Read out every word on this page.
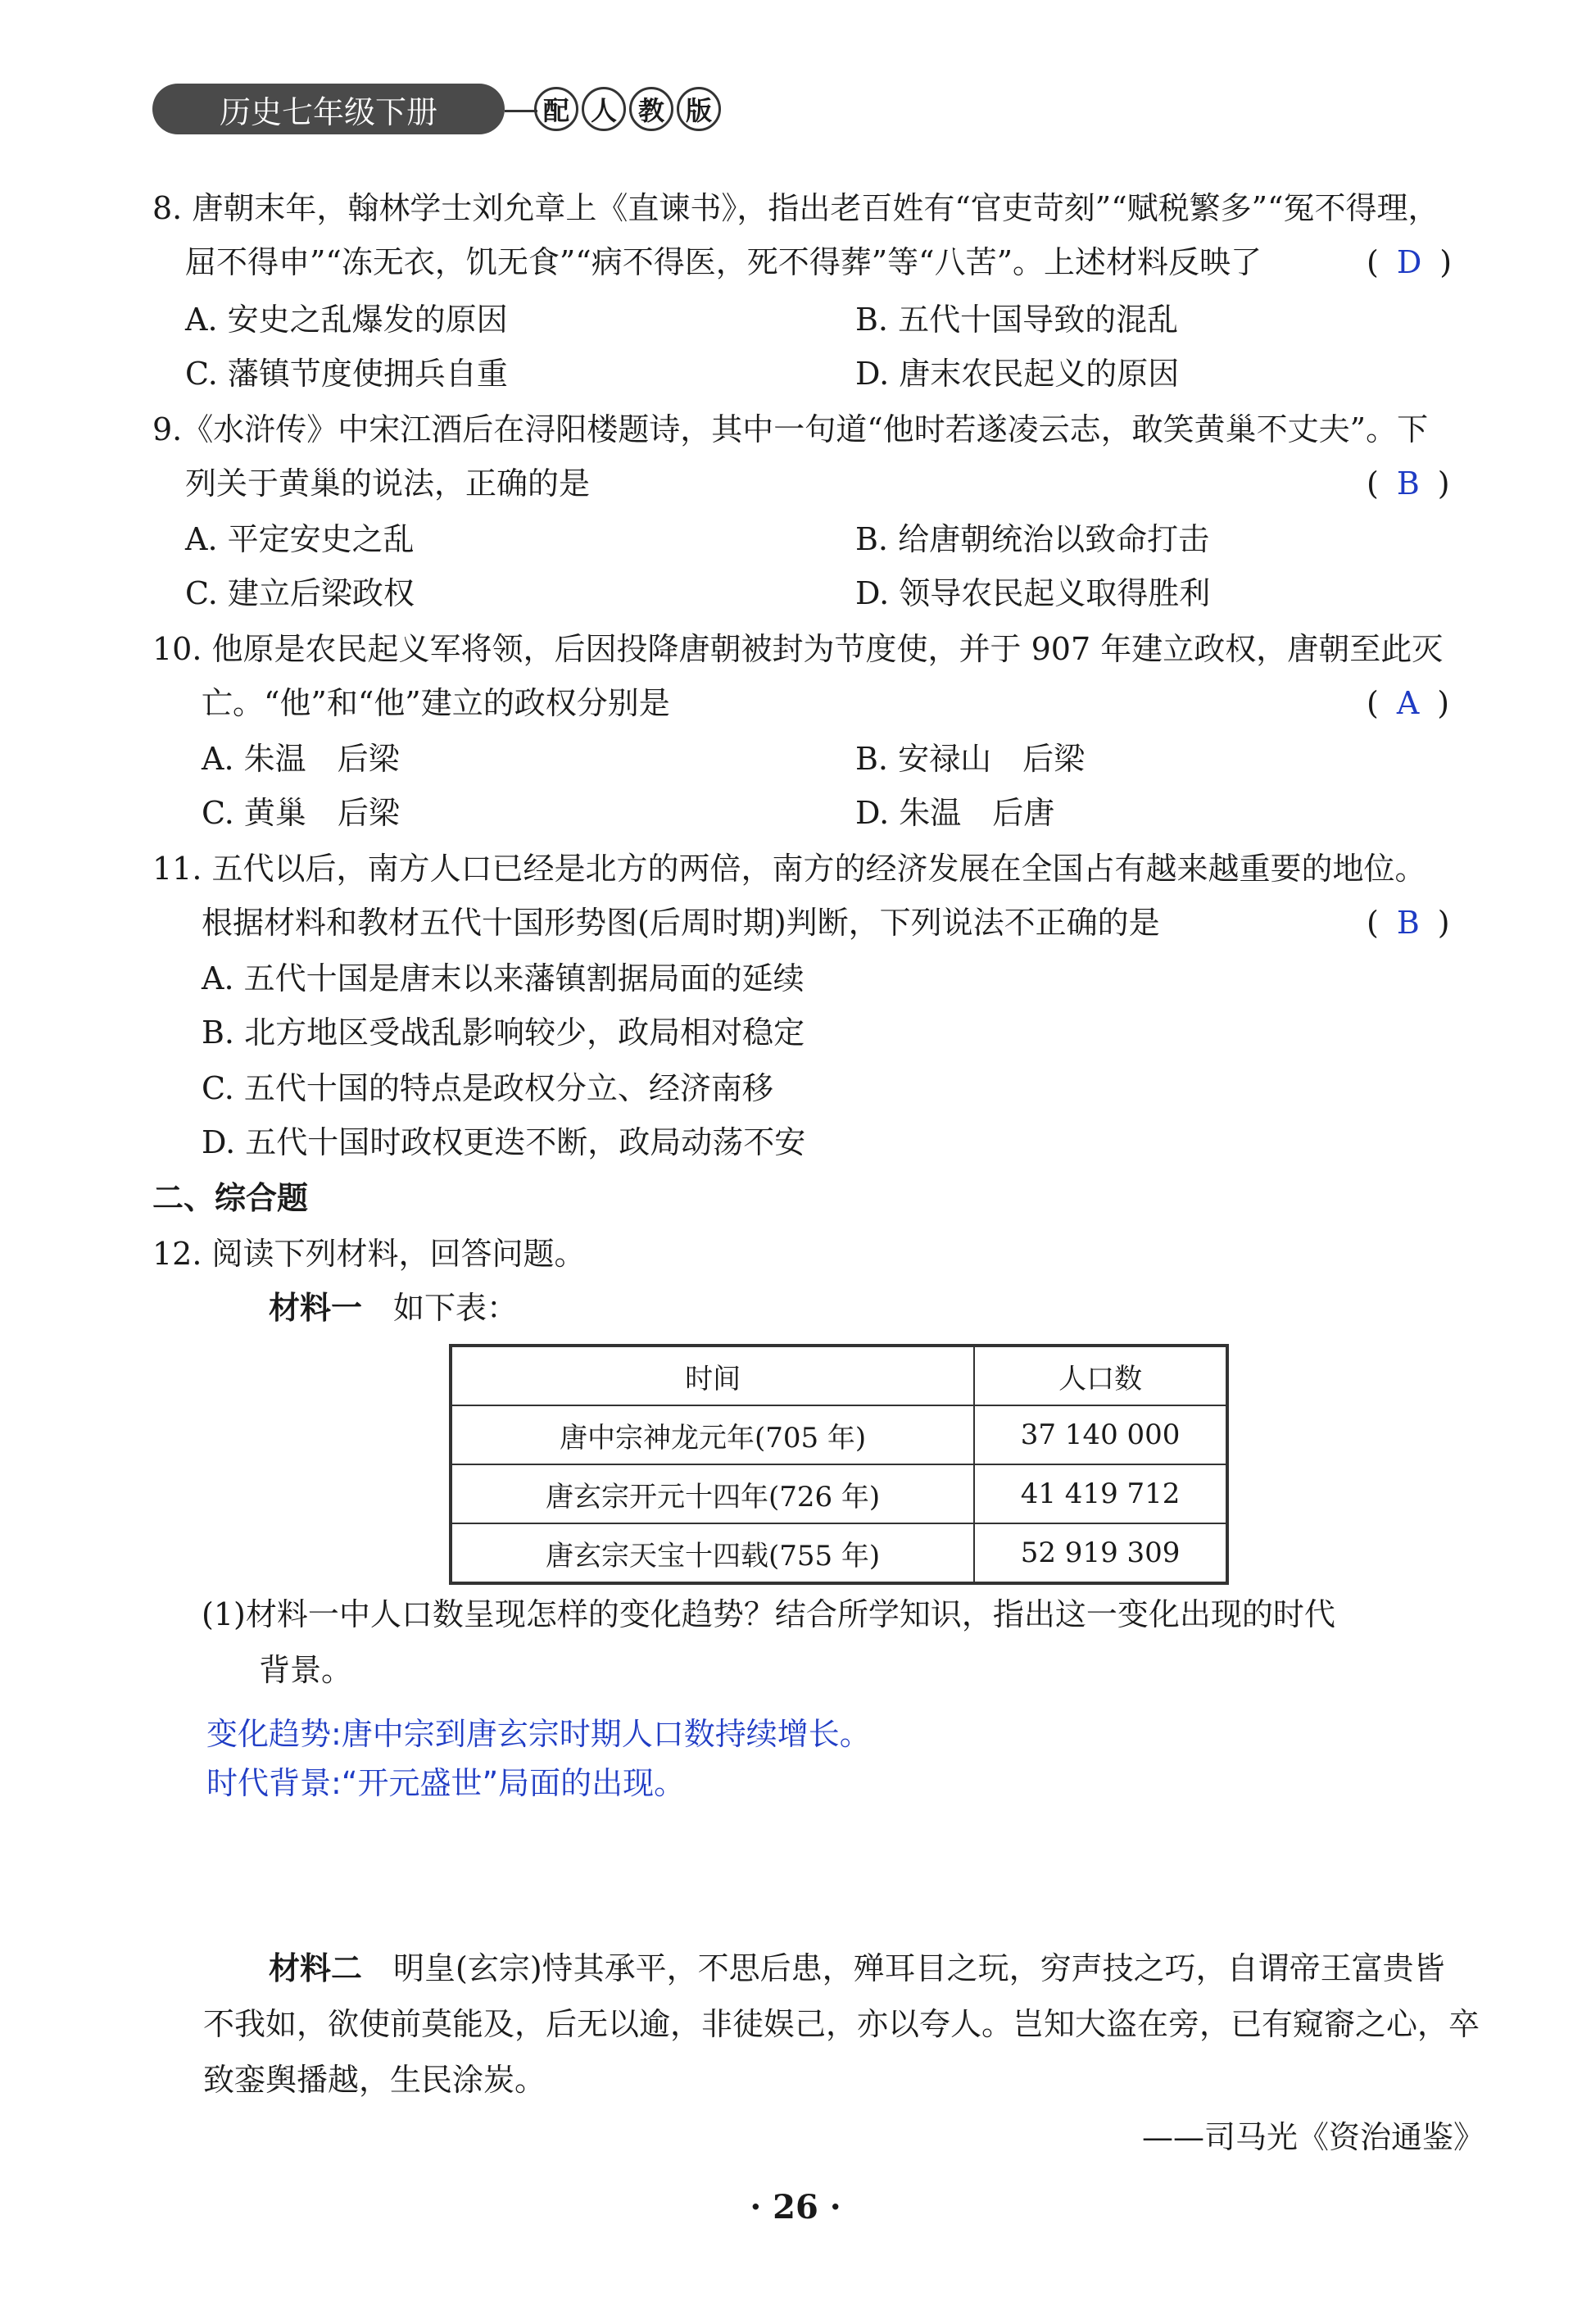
历史七年级下册	配 人 教 版
8. 唐朝末年，翰林学士刘允章上《直谏书》，指出老百姓有“官吏苛刻”“赋税繁多”“冤不得理，
屈不得申”“冻无衣，饥无食”“病不得医，死不得葬”等“八苦”。上述材料反映了	( D )
A. 安史之乱爆发的原因	B. 五代十国导致的混乱
C. 藩镇节度使拥兵自重	D. 唐末农民起义的原因
9.《水浒传》中宋江酒后在浔阳楼题诗，其中一句道“他时若遂凌云志，敢笑黄巢不丈夫”。下
列关于黄巢的说法，正确的是	( B )
A. 平定安史之乱	B. 给唐朝统治以致命打击
C. 建立后梁政权	D. 领导农民起义取得胜利
10. 他原是农民起义军将领，后因投降唐朝被封为节度使，并于 907 年建立政权，唐朝至此灭
亡。“他”和“他”建立的政权分别是	( A )
A. 朱温　后梁	B. 安禄山　后梁
C. 黄巢　后梁	D. 朱温　后唐
11. 五代以后，南方人口已经是北方的两倍，南方的经济发展在全国占有越来越重要的地位。
根据材料和教材五代十国形势图(后周时期)判断，下列说法不正确的是	( B )
A. 五代十国是唐末以来藩镇割据局面的延续
B. 北方地区受战乱影响较少，政局相对稳定
C. 五代十国的特点是政权分立、经济南移
D. 五代十国时政权更迭不断，政局动荡不安
二、综合题
12. 阅读下列材料，回答问题。
材料一　 如下表：
时间	人口数
唐中宗神龙元年(705 年)	37 140 000
唐玄宗开元十四年(726 年)	41 419 712
唐玄宗天宝十四载(755 年)	52 919 309
(1)材料一中人口数呈现怎样的变化趋势？结合所学知识，指出这一变化出现的时代
背景。
变化趋势:唐中宗到唐玄宗时期人口数持续增长。
时代背景:“开元盛世”局面的出现。
材料二　 明皇(玄宗)恃其承平，不思后患，殚耳目之玩，穷声技之巧，自谓帝王富贵皆
不我如，欲使前莫能及，后无以逾，非徒娱己，亦以夸人。岂知大盗在旁，已有窥窬之心，卒
致銮舆播越，生民涂炭。
——司马光《资治通鉴》
· 26 ·
